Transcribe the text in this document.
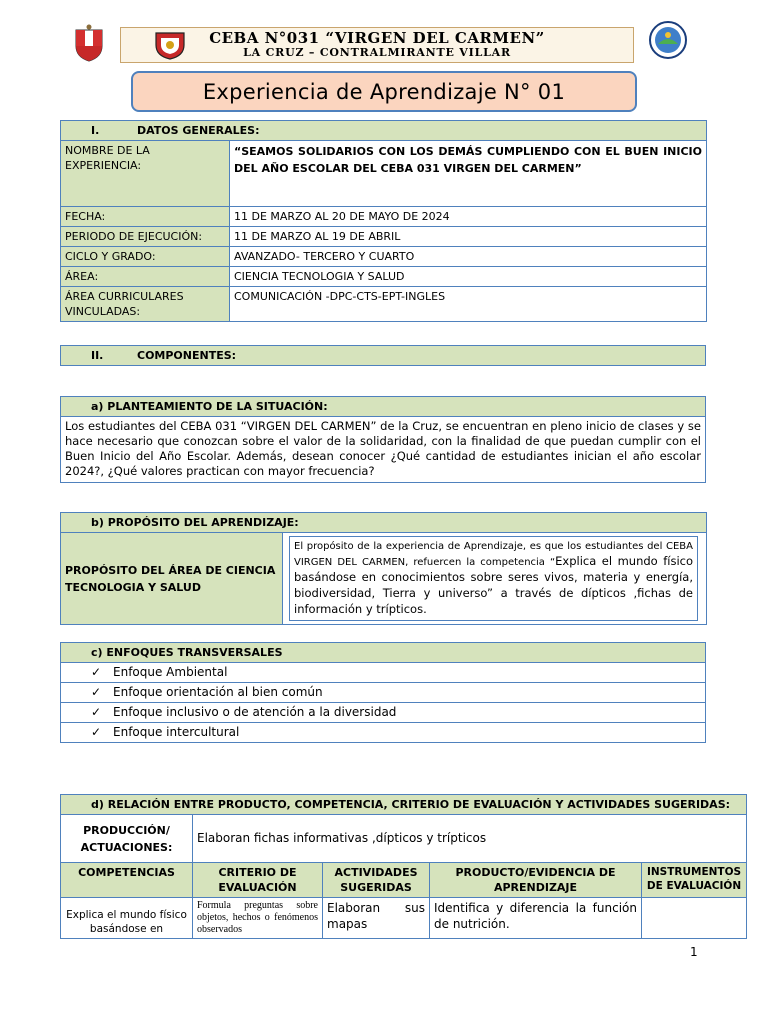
CEBA N°031 “VIRGEN DEL CARMEN”
LA CRUZ – CONTRALMIRANTE VILLAR
Experiencia de Aprendizaje N° 01
I. DATOS GENERALES:	
NOMBRE DE LA EXPERIENCIA:	“SEAMOS SOLIDARIOS CON LOS DEMÁS CUMPLIENDO CON EL BUEN INICIO DEL AÑO ESCOLAR DEL CEBA 031 VIRGEN DEL CARMEN”
FECHA:	11 DE MARZO AL 20 DE MAYO DE 2024
PERIODO DE EJECUCIÓN:	11 DE MARZO AL 19 DE ABRIL
CICLO Y GRADO:	AVANZADO- TERCERO Y CUARTO
ÁREA:	CIENCIA TECNOLOGIA Y SALUD
ÁREA CURRICULARES VINCULADAS:	COMUNICACIÓN -DPC-CTS-EPT-INGLES
II.	COMPONENTES:
a) PLANTEAMIENTO DE LA SITUACIÓN:
Los estudiantes del CEBA 031 “VIRGEN DEL CARMEN” de la Cruz, se encuentran en pleno inicio de clases y se hace necesario que conozcan sobre el valor de la solidaridad, con la finalidad de que puedan cumplir con el Buen Inicio del Año Escolar. Además, desean conocer ¿Qué cantidad de estudiantes inician el año escolar 2024?, ¿Qué valores practican con mayor frecuencia?
b) PROPÓSITO DEL APRENDIZAJE:
PROPÓSITO DEL ÁREA DE CIENCIA TECNOLOGIA Y SALUD	
El propósito de la experiencia de Aprendizaje, es que los estudiantes del CEBA VIRGEN DEL CARMEN, refuercen la competencia “Explica el mundo físico basándose en conocimientos sobre seres vivos, materia y energía, biodiversidad, Tierra y universo” a través de dípticos ,fichas de información y trípticos.
c) ENFOQUES TRANSVERSALES
✓ Enfoque Ambiental
✓ Enfoque orientación al bien común
✓ Enfoque inclusivo o de atención a la diversidad
✓ Enfoque intercultural
d) RELACIÓN ENTRE PRODUCTO, COMPETENCIA, CRITERIO DE EVALUACIÓN Y ACTIVIDADES SUGERIDAS:				
PRODUCCIÓN/ ACTUACIONES:	Elaboran fichas informativas ,dípticos y trípticos			
COMPETENCIAS	CRITERIO DE EVALUACIÓN	ACTIVIDADES SUGERIDAS	PRODUCTO/EVIDENCIA DE APRENDIZAJE	INSTRUMENTOS DE EVALUACIÓN
Explica el mundo físico basándose en	Formula preguntas sobre objetos, hechos o fenómenos observados	Elaboran sus mapas	Identifica y diferencia la función de nutrición.	
1
